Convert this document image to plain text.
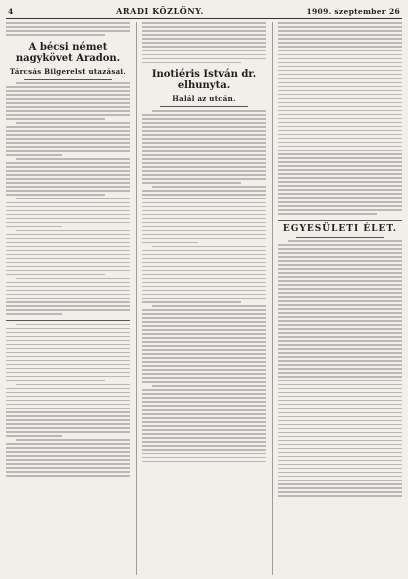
4	ARADI KÖZLÖNY.	1909. szeptember 26
A bécsi német nagykövet Aradon.
Tárcsás Bilgerelst utazásai.	Inotiéris István dr. elhunyta.
Halál az utcán.
EGYESÜLETI ÉLET.
